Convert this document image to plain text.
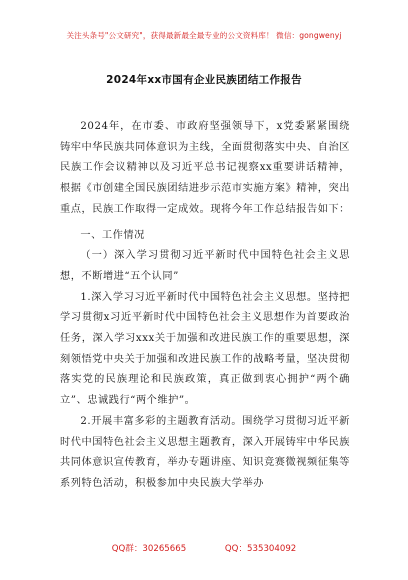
关注头条号"公文研究"，获得最新最全最专业的公文资料库！ 微信：gongwenyj
2024年xx市国有企业民族团结工作报告

2024年，在市委、市政府坚强领导下，x党委紧紧围绕铸牢中华民族共同体意识为主线，全面贯彻落实中央、自治区民族工作会议精神以及习近平总书记视察xx重要讲话精神，根据《市创建全国民族团结进步示范市实施方案》精神，突出重点，民族工作取得一定成效。现将今年工作总结报告如下：

一、工作情况

（一）深入学习贯彻习近平新时代中国特色社会主义思想，不断增进“五个认同”

1.深入学习习近平新时代中国特色社会主义思想。坚持把学习贯彻x习近平新时代中国特色社会主义思想作为首要政治任务，深入学习xxx关于加强和改进民族工作的重要思想，深刻领悟党中央关于加强和改进民族工作的战略考量，坚决贯彻落实党的民族理论和民族政策，真正做到衷心拥护“两个确立”、忠诚践行“两个维护”。

2.开展丰富多彩的主题教育活动。围绕学习贯彻习近平新时代中国特色社会主义思想主题教育，深入开展铸牢中华民族共同体意识宣传教育，举办专题讲座、知识竞赛微视频征集等系列特色活动，积极参加中央民族大学举办

QQ群：30265665	QQ：535304092
